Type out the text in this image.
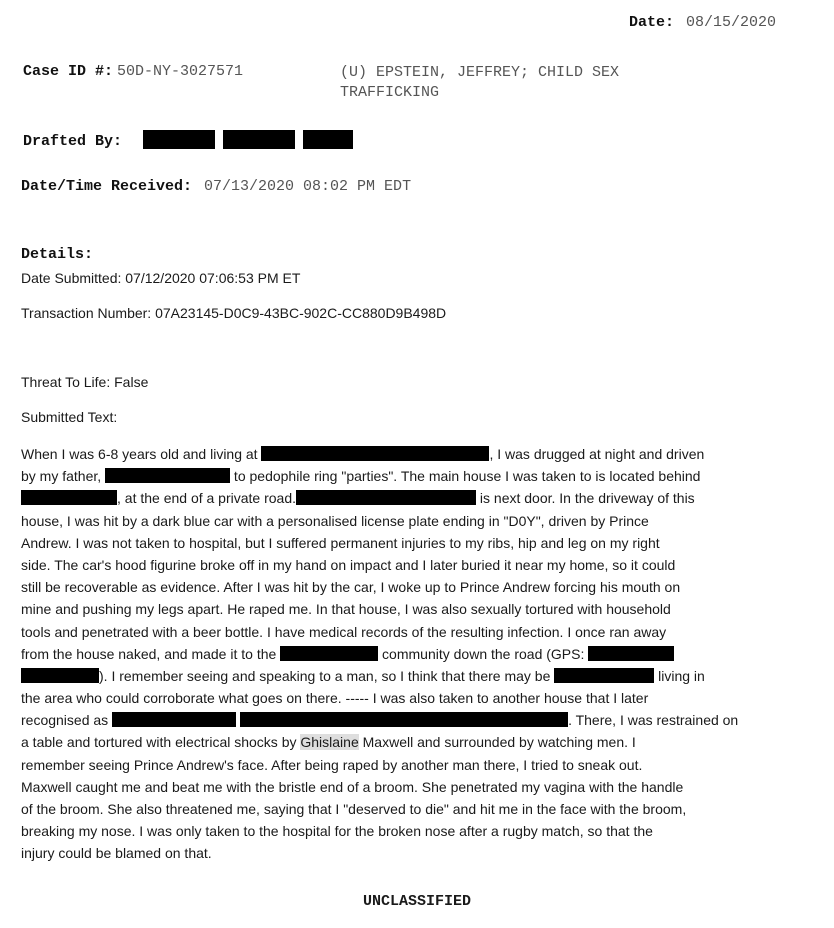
Date: 08/15/2020
Case ID #: 50D-NY-3027571	(U) EPSTEIN, JEFFREY; CHILD SEX
TRAFFICKING
Drafted By:
Date/Time Received: 07/13/2020 08:02 PM EDT
Details:
Date Submitted: 07/12/2020 07:06:53 PM ET
Transaction Number: 07A23145-D0C9-43BC-902C-CC880D9B498D
Threat To Life: False
Submitted Text:
When I was 6-8 years old and living at	, I was drugged at night and driven
by my father,	to pedophile ring "parties". The main house I was taken to is located behind
, at the end of a private road.	is next door. In the driveway of this
house, I was hit by a dark blue car with a personalised license plate ending in "D0Y", driven by Prince
Andrew. I was not taken to hospital, but I suffered permanent injuries to my ribs, hip and leg on my right
side. The car's hood figurine broke off in my hand on impact and I later buried it near my home, so it could
still be recoverable as evidence. After I was hit by the car, I woke up to Prince Andrew forcing his mouth on
mine and pushing my legs apart. He raped me. In that house, I was also sexually tortured with household
tools and penetrated with a beer bottle. I have medical records of the resulting infection. I once ran away
from the house naked, and made it to the	community down the road (GPS:
). I remember seeing and speaking to a man, so I think that there may be	living in
the area who could corroborate what goes on there. ----- I was also taken to another house that I later
recognised as	. There, I was restrained on
a table and tortured with electrical shocks by Ghislaine Maxwell and surrounded by watching men. I
remember seeing Prince Andrew's face. After being raped by another man there, I tried to sneak out.
Maxwell caught me and beat me with the bristle end of a broom. She penetrated my vagina with the handle
of the broom. She also threatened me, saying that I "deserved to die" and hit me in the face with the broom,
breaking my nose. I was only taken to the hospital for the broken nose after a rugby match, so that the
injury could be blamed on that.
UNCLASSIFIED
